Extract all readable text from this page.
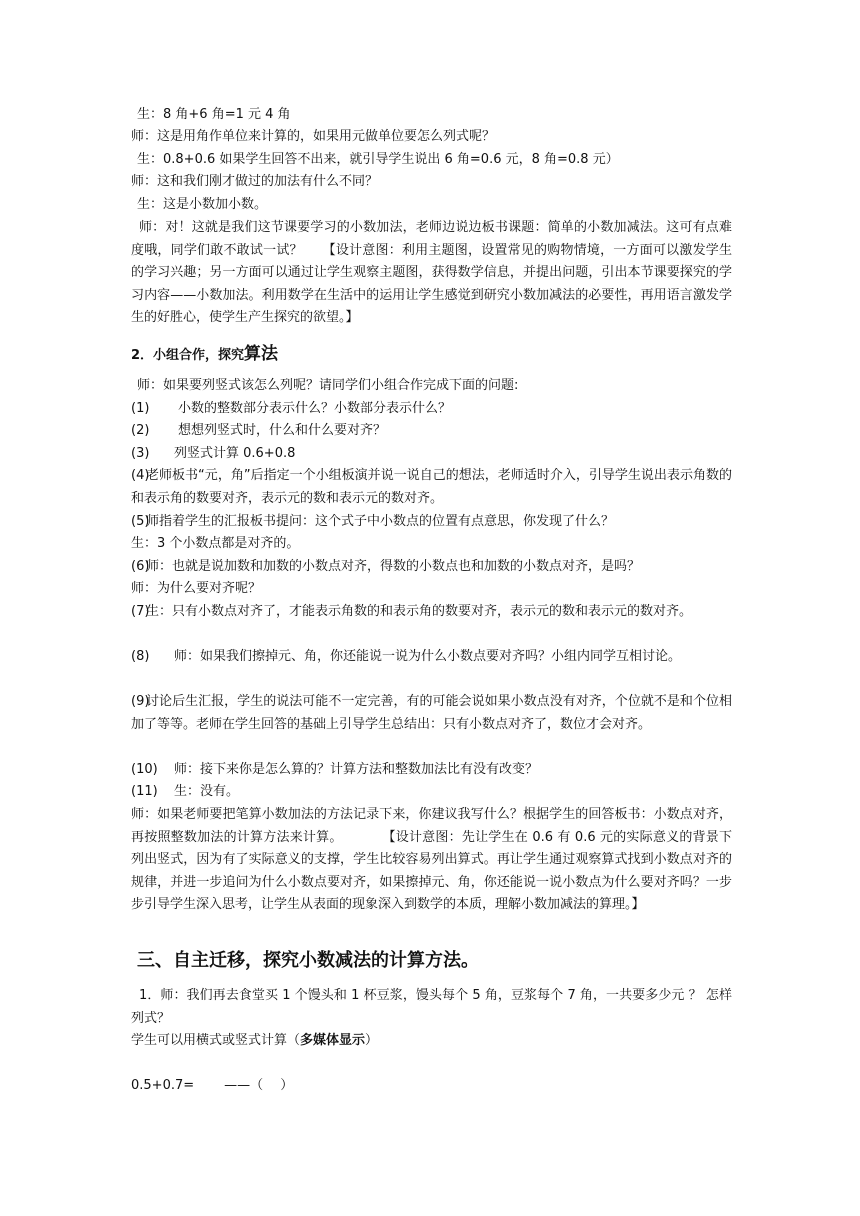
生：8 角+6 角=1 元 4 角
师：这是用角作单位来计算的，如果用元做单位要怎么列式呢？
生：0.8+0.6 如果学生回答不出来，就引导学生说出 6 角=0.6 元，8 角=0.8 元）
师：这和我们刚才做过的加法有什么不同？
生：这是小数加小数。
师：对！这就是我们这节课要学习的小数加法，老师边说边板书课题：简单的小数加减法。这可有点难度哦，同学们敢不敢试一试？　　【设计意图：利用主题图，设置常见的购物情境，一方面可以激发学生的学习兴趣；另一方面可以通过让学生观察主题图，获得数学信息，并提出问题，引出本节课要探究的学习内容——小数加法。利用数学在生活中的运用让学生感觉到研究小数加减法的必要性，再用语言激发学生的好胜心，使学生产生探究的欲望。】
2．小组合作，探究算法
师：如果要列竖式该怎么列呢？请同学们小组合作完成下面的问题:
(1) 小数的整数部分表示什么？小数部分表示什么？
(2) 想想列竖式时，什么和什么要对齐？
(3) 列竖式计算 0.6+0.8
(4)老师板书“元，角”后指定一个小组板演并说一说自己的想法，老师适时介入，引导学生说出表示角数的和表示角的数要对齐，表示元的数和表示元的数对齐。
(5)师指着学生的汇报板书提问：这个式子中小数点的位置有点意思，你发现了什么？
生：3 个小数点都是对齐的。
(6)师：也就是说加数和加数的小数点对齐，得数的小数点也和加数的小数点对齐，是吗？
师：为什么要对齐呢？
(7)生：只有小数点对齐了，才能表示角数的和表示角的数要对齐，表示元的数和表示元的数对齐。
(8) 师：如果我们擦掉元、角，你还能说一说为什么小数点要对齐吗？小组内同学互相讨论。
(9)讨论后生汇报，学生的说法可能不一定完善，有的可能会说如果小数点没有对齐，个位就不是和个位相加了等等。老师在学生回答的基础上引导学生总结出：只有小数点对齐了，数位才会对齐。
(10) 师：接下来你是怎么算的？计算方法和整数加法比有没有改变？
(11) 生：没有。
师：如果老师要把笔算小数加法的方法记录下来，你建议我写什么？根据学生的回答板书：小数点对齐，再按照整数加法的计算方法来计算。　　　　【设计意图：先让学生在 0.6 有 0.6 元的实际意义的背景下列出竖式，因为有了实际意义的支撑，学生比较容易列出算式。再让学生通过观察算式找到小数点对齐的规律，并进一步追问为什么小数点要对齐，如果擦掉元、角，你还能说一说小数点为什么要对齐吗？一步步引导学生深入思考，让学生从表面的现象深入到数学的本质，理解小数加减法的算理。】
三、自主迁移，探究小数减法的计算方法。
1．师：我们再去食堂买 1 个馒头和 1 杯豆浆，馒头每个 5 角，豆浆每个 7 角，一共要多少元 ？ 怎样列式？
学生可以用横式或竖式计算（多媒体显示）
0.5+0.7= ——（　 ）
